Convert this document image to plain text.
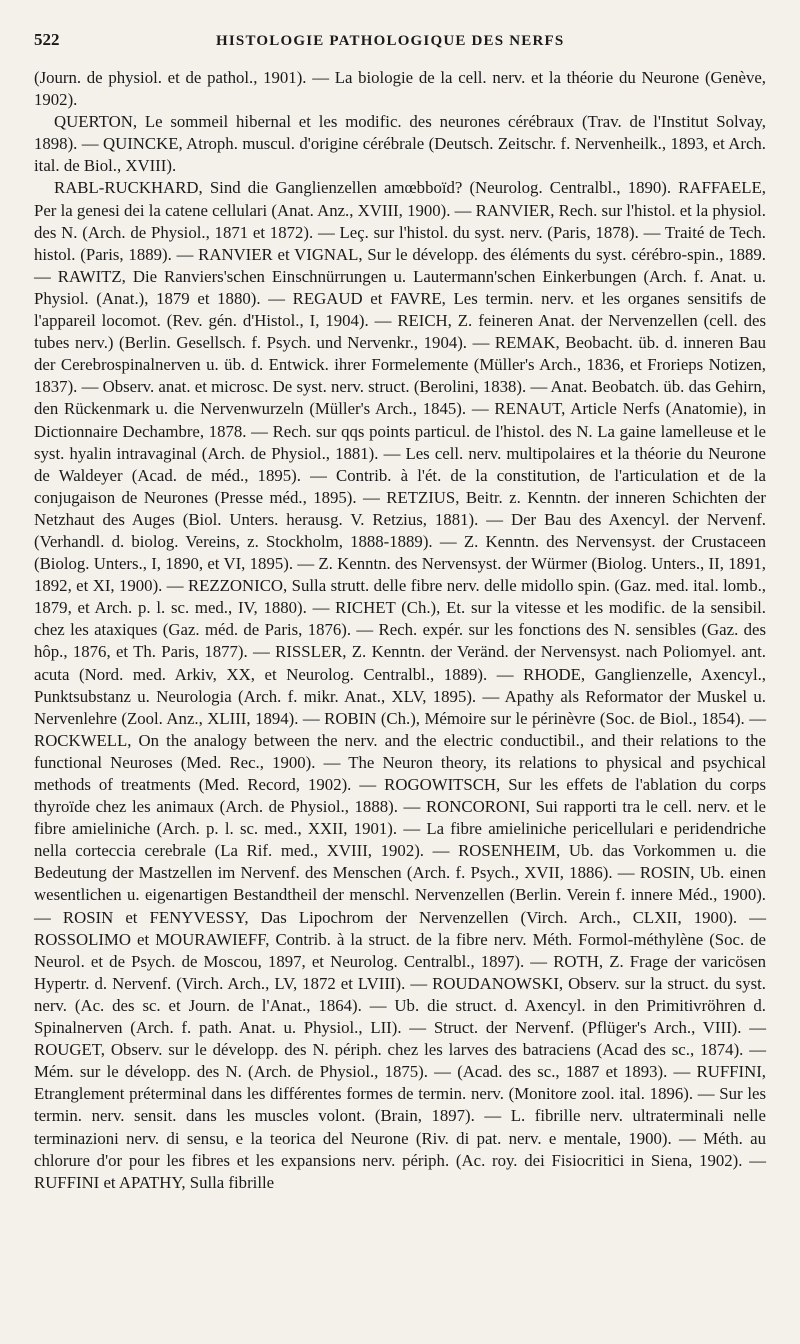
522	HISTOLOGIE PATHOLOGIQUE DES NERFS

(Journ. de physiol. et de pathol., 1901). — La biologie de la cell. nerv. et la théorie du Neurone (Genève, 1902).

QUERTON, Le sommeil hibernal et les modific. des neurones cérébraux (Trav. de l'Institut Solvay, 1898). — QUINCKE, Atroph. muscul. d'origine cérébrale (Deutsch. Zeitschr. f. Nervenheilk., 1893, et Arch. ital. de Biol., XVIII).

RABL-RUCKHARD, Sind die Ganglienzellen amœbboïd? (Neurolog. Centralbl., 1890). RAFFAELE, Per la genesi dei la catene cellulari (Anat. Anz., XVIII, 1900). — RANVIER, Rech. sur l'histol. et la physiol. des N. (Arch. de Physiol., 1871 et 1872). — Leç. sur l'histol. du syst. nerv. (Paris, 1878). — Traité de Tech. histol. (Paris, 1889). — RANVIER et VIGNAL, Sur le développ. des éléments du syst. cérébro-spin., 1889. — RAWITZ, Die Ranviers'schen Einschnürrungen u. Lautermann'schen Einkerbungen (Arch. f. Anat. u. Physiol. (Anat.), 1879 et 1880). — REGAUD et FAVRE, Les termin. nerv. et les organes sensitifs de l'appareil locomot. (Rev. gén. d'Histol., I, 1904). — REICH, Z. feineren Anat. der Nervenzellen (cell. des tubes nerv.) (Berlin. Gesellsch. f. Psych. und Nervenkr., 1904). — REMAK, Beobacht. üb. d. inneren Bau der Cerebrospinalnerven u. üb. d. Entwick. ihrer Formelemente (Müller's Arch., 1836, et Frorieps Notizen, 1837). — Observ. anat. et microsc. De syst. nerv. struct. (Berolini, 1838). — Anat. Beobatch. üb. das Gehirn, den Rückenmark u. die Nervenwurzeln (Müller's Arch., 1845). — RENAUT, Article Nerfs (Anatomie), in Dictionnaire Dechambre, 1878. — Rech. sur qqs points particul. de l'histol. des N. La gaine lamelleuse et le syst. hyalin intravaginal (Arch. de Physiol., 1881). — Les cell. nerv. multipolaires et la théorie du Neurone de Waldeyer (Acad. de méd., 1895). — Contrib. à l'ét. de la constitution, de l'articulation et de la conjugaison de Neurones (Presse méd., 1895). — RETZIUS, Beitr. z. Kenntn. der inneren Schichten der Netzhaut des Auges (Biol. Unters. herausg. V. Retzius, 1881). — Der Bau des Axencyl. der Nervenf. (Verhandl. d. biolog. Vereins, z. Stockholm, 1888-1889). — Z. Kenntn. des Nervensyst. der Crustaceen (Biolog. Unters., I, 1890, et VI, 1895). — Z. Kenntn. des Nervensyst. der Würmer (Biolog. Unters., II, 1891, 1892, et XI, 1900). — REZZONICO, Sulla strutt. delle fibre nerv. delle midollo spin. (Gaz. med. ital. lomb., 1879, et Arch. p. l. sc. med., IV, 1880). — RICHET (Ch.), Et. sur la vitesse et les modific. de la sensibil. chez les ataxiques (Gaz. méd. de Paris, 1876). — Rech. expér. sur les fonctions des N. sensibles (Gaz. des hôp., 1876, et Th. Paris, 1877). — RISSLER, Z. Kenntn. der Veränd. der Nervensyst. nach Poliomyel. ant. acuta (Nord. med. Arkiv, XX, et Neurolog. Centralbl., 1889). — RHODE, Ganglienzelle, Axencyl., Punktsubstanz u. Neurologia (Arch. f. mikr. Anat., XLV, 1895). — Apathy als Reformator der Muskel u. Nervenlehre (Zool. Anz., XLIII, 1894). — ROBIN (Ch.), Mémoire sur le périnèvre (Soc. de Biol., 1854). — ROCKWELL, On the analogy between the nerv. and the electric conductibil., and their relations to the functional Neuroses (Med. Rec., 1900). — The Neuron theory, its relations to physical and psychical methods of treatments (Med. Record, 1902). — ROGOWITSCH, Sur les effets de l'ablation du corps thyroïde chez les animaux (Arch. de Physiol., 1888). — RONCORONI, Sui rapporti tra le cell. nerv. et le fibre amieliniche (Arch. p. l. sc. med., XXII, 1901). — La fibre amieliniche pericellulari e peridendriche nella corteccia cerebrale (La Rif. med., XVIII, 1902). — ROSENHEIM, Ub. das Vorkommen u. die Bedeutung der Mastzellen im Nervenf. des Menschen (Arch. f. Psych., XVII, 1886). — ROSIN, Ub. einen wesentlichen u. eigenartigen Bestandtheil der menschl. Nervenzellen (Berlin. Verein f. innere Méd., 1900). — ROSIN et FENYVESSY, Das Lipochrom der Nervenzellen (Virch. Arch., CLXII, 1900). — ROSSOLIMO et MOURAWIEFF, Contrib. à la struct. de la fibre nerv. Méth. Formol-méthylène (Soc. de Neurol. et de Psych. de Moscou, 1897, et Neurolog. Centralbl., 1897). — ROTH, Z. Frage der varicösen Hypertr. d. Nervenf. (Virch. Arch., LV, 1872 et LVIII). — ROUDANOWSKI, Observ. sur la struct. du syst. nerv. (Ac. des sc. et Journ. de l'Anat., 1864). — Ub. die struct. d. Axencyl. in den Primitivröhren d. Spinalnerven (Arch. f. path. Anat. u. Physiol., LII). — Struct. der Nervenf. (Pflüger's Arch., VIII). — ROUGET, Observ. sur le développ. des N. périph. chez les larves des batraciens (Acad des sc., 1874). — Mém. sur le développ. des N. (Arch. de Physiol., 1875). — (Acad. des sc., 1887 et 1893). — RUFFINI, Etranglement préterminal dans les différentes formes de termin. nerv. (Monitore zool. ital. 1896). — Sur les termin. nerv. sensit. dans les muscles volont. (Brain, 1897). — L. fibrille nerv. ultraterminali nelle terminazioni nerv. di sensu, e la teorica del Neurone (Riv. di pat. nerv. e mentale, 1900). — Méth. au chlorure d'or pour les fibres et les expansions nerv. périph. (Ac. roy. dei Fisiocritici in Siena, 1902). — RUFFINI et APATHY, Sulla fibrille
